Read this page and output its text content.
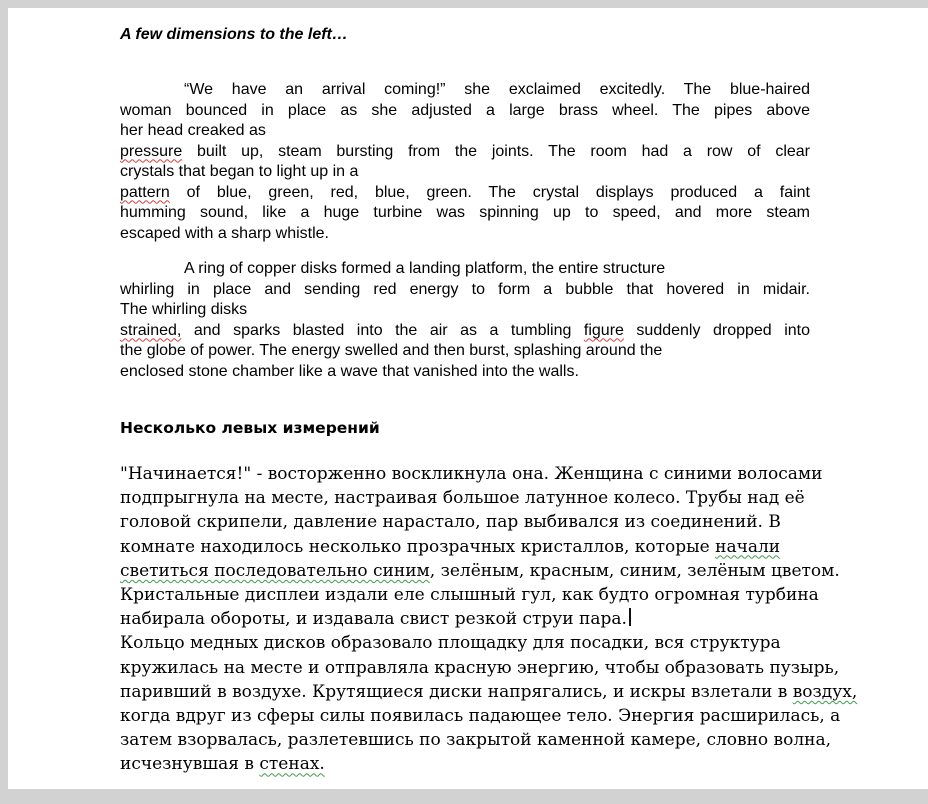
A few dimensions to the left…
“We have an arrival coming!” she exclaimed excitedly. The blue-haired
woman bounced in place as she adjusted a large brass wheel. The pipes above
her head creaked as
pressure built up, steam bursting from the joints. The room had a row of clear
crystals that began to light up in a
pattern of blue, green, red, blue, green. The crystal displays produced a faint
humming sound, like a huge turbine was spinning up to speed, and more steam
escaped with a sharp whistle.
A ring of copper disks formed a landing platform, the entire structure
whirling in place and sending red energy to form a bubble that hovered in midair.
The whirling disks
strained, and sparks blasted into the air as a tumbling figure suddenly dropped into
the globe of power. The energy swelled and then burst, splashing around the
enclosed stone chamber like a wave that vanished into the walls.
Несколько левых измерений
"Начинается!" - восторженно воскликнула она. Женщина с синими волосами
подпрыгнула на месте, настраивая большое латунное колесо. Трубы над её
головой скрипели, давление нарастало, пар выбивался из соединений. В
комнате находилось несколько прозрачных кристаллов, которые начали
светиться последовательно синим, зелёным, красным, синим, зелёным цветом.
Кристальные дисплеи издали еле слышный гул, как будто огромная турбина
набирала обороты, и издавала свист резкой струи пара.
Кольцо медных дисков образовало площадку для посадки, вся структура
кружилась на месте и отправляла красную энергию, чтобы образовать пузырь,
паривший в воздухе. Крутящиеся диски напрягались, и искры взлетали в воздух,
когда вдруг из сферы силы появилась падающее тело. Энергия расширилась, а
затем взорвалась, разлетевшись по закрытой каменной камере, словно волна,
исчезнувшая в стенах.
